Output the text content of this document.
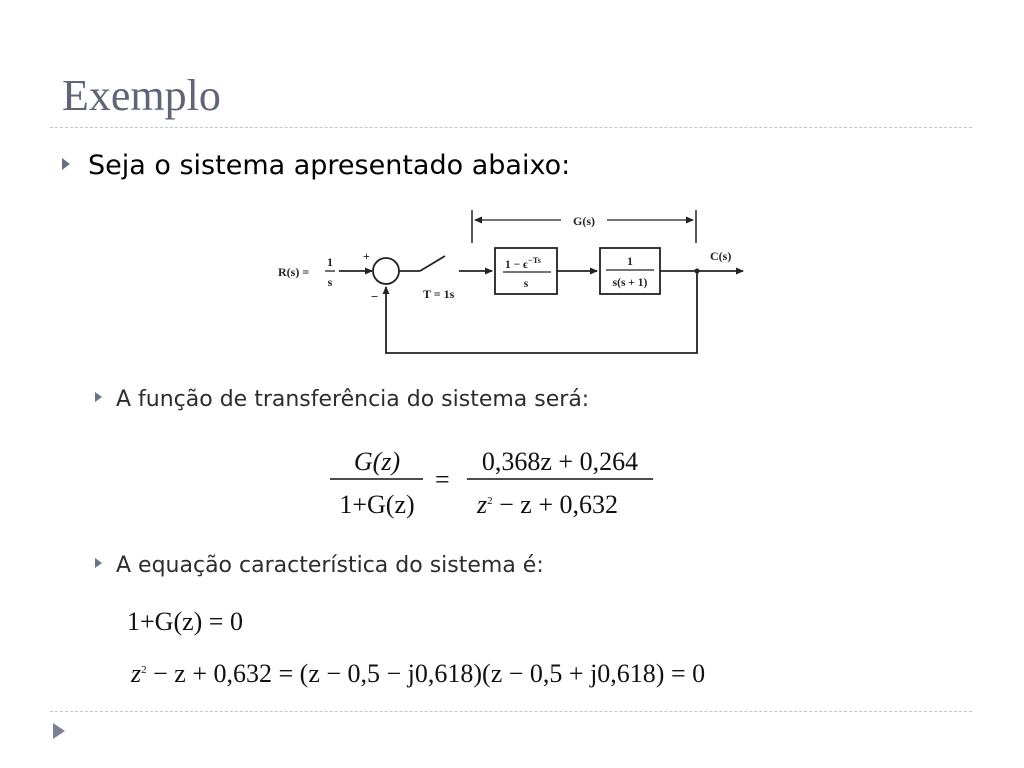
Exemplo
Seja o sistema apresentado abaixo:
R(s) =
1
s
+
−	T = 1s
$1 - \epsilon^{-Ts}$
s
1
s(s + 1)
C(s)
G(s)
A função de transferência do sistema será:
G(z)
1+G(z)
=
0,368z + 0,264
$z^2 - z + 0,632$
A equação característica do sistema é:
1+G(z) = 0
$z^2 - z + 0,632 = (z - 0,5 - j0,618)(z - 0,5 + j0,618) = 0$
